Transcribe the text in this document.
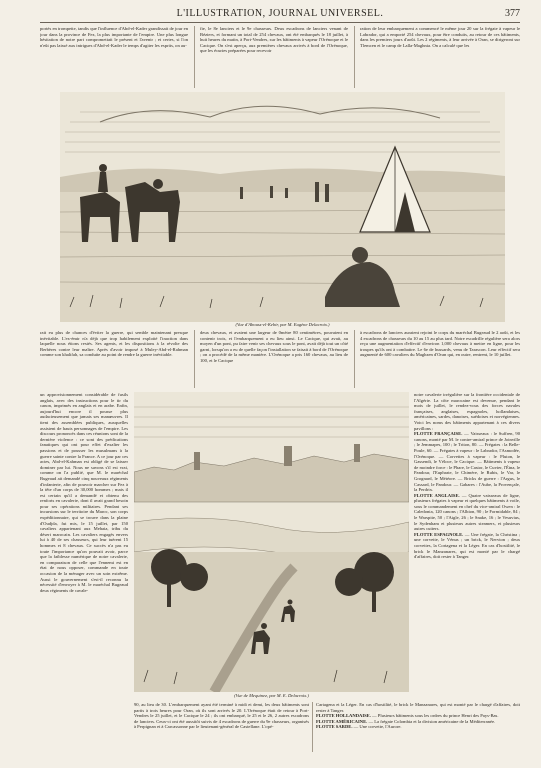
L'ILLUSTRATION, JOURNAL UNIVERSEL.	377
portés en trompette, tandis que l'influence d'Abd-el-Kader grandissait de jour en jour dans la province de Fez, la plus importante de l'empire. Une plus longue hésitation de notre part compromettait le présent et l'avenir ; et certes, si l'on n'eût pas laissé aux intrigues d'Abd-el-Kader le temps d'agiter les esprits, on au-
fie, le 8e lanciers et le 9e chasseurs. Deux escadrons de lanciers venant de Béziers, et formant un total de 254 chevaux, ont été embarqués le 18 juillet, à huit heures du matin, à Port-Vendres, sur les bâtiments à vapeur l'Orénoque et le Cacique. On s'est aperçu, aux premières chevaux arrivés à bord de l'Orénoque, que les écuries préparées pour recevoir
ration de leur embarquement a commencé le même jour 20 sur la frégate à vapeur le Labrador, qui a emporté 254 chevaux, pour être conduits, au retour de ces bâtiments, dans les premiers jours d'août. Les 2 régiments, à leur arrivée à Oran, se dirigeront sur Tlemcen et le camp de Lalla-Maghnia. On a calculé que les
(Vue d'Abouss-el-Kebir, par M. Eugène Delacroix.)
rait eu plus de chances d'éviter la guerre, qui semble maintenant presque inévitable. L'ex-émir n'a déjà que trop habilement exploité l'inaction dans laquelle nous étions restés. Ses agents, et les dispositions à la révolte des Berbères contre leur maître. Après d'avoir imposé à Muley-Abd-el-Rahman comme son khalifah, sa conduite au point de rendre la guerre inévitable.
deux chevaux, et avaient une largeur de 0mètre 80 centimètres, pouvaient en contenir trois, et l'embarquement a eu lieu ainsi. Le Cacique, qui avait, au moyen d'un pont, pu faire venir ses chevaux sous le pont, avait déjà tout un côté garni, lorsqu'on a eu de quelle façon l'installation se faisait à bord de l'Orénoque ; on a procédé de la même manière. L'Orénoque a pris 160 chevaux, au lieu de 100, et le Cacique
à escadrons de lanciers auraient rejoint le corps du maréchal Bugeaud le 2 août, et les 4 escadrons de chasseurs du 10 au 15 au plus tard. Notre escadrille régulière sera alors reçu une augmentation d'effectif d'environ 1,000 chevaux à mettre en ligne, pour les troupes qu'ils ont à combattre. Le 6e de hussards, venu de Tarascon. Leur effectif sera augmenté de 600 cavaliers du Maghzen d'Oran qui, en outre, rentrent, le 10 juillet.
un approvisionnement considérable de fusils anglais, avec des instructions pour le tir du canon, imprimés en anglais et en arabe. Enfin, aujourd'hui encore il pousse plus audacieusement que jamais ses manœuvres. Il tient des assemblées publiques, auxquelles assistent de hauts personnages de l'empire. Les discours prononcés dans ces réunions sont de la dernière violence : ce sont des prédications fanatiques qui ont pour effet d'exalter les passions et de pousser les musulmans à la guerre sainte contre la France. A ce jour par ces actes, Abd-el-Kahman est obligé de se laisser dominer par lui. Nous ne savons s'il est vrai, comme on l'a publié, que M. le maréchal Bugeaud ait demandé cinq nouveaux régiments d'infanterie, afin de pouvoir marcher sur Fez à la tête d'un corps de 30,000 hommes ; mais il est certain qu'il a demandé et obtenu des renforts en cavalerie, dont il avait grand besoin pour ses opérations militaires. Pendant ses incursions sur le territoire du Maroc, son corps expéditionnaire, qui se trouve dans la plaine d'Oudjda, fut mis, le 15 juillet, par 150 cavaliers appartenant aux Mehaia, tribu du désert marocain. Les cavaliers engagés envers lui à 40 de ses chasseurs, qui leur tuèrent 15 hommes et 8 chevaux. Ce succès n'a pas eu toute l'importance qu'on pouvait avoir, parce que la faiblesse numérique de notre cavalerie, en comparaison de celle que l'ennemi est en état de nous opposer, commande en toute occasion de la ménager avec un soin extrême. Aussi le gouvernement s'est-il reconnu la nécessité d'envoyer à M. le maréchal Bugeaud deux régiments de cavale-
(Vue de Mequinez, par M. E. Delacroix.)
notre cavalerie irrégulière sur la frontière occidentale de l'Algérie. La côte marocaine est devenue, pendant le mois de juillet, le rendez-vous des forces navales françaises, anglaises, espagnoles, hollandaises, américaines, sardes, danoises, suédoises et norvégiennes. Voici les noms des bâtiments appartenant à ces divers pavillons :
FLOTTE FRANÇAISE. — Vaisseaux : le Suffren, 90 canons, monté par M. le contre-amiral prince de Joinville ; le Jemmapes, 100 ; le Triton, 80. — Frégates : la Belle-Poule, 60. — Frégates à vapeur : le Labrador, l'Asmodée, l'Orénoque. — Corvettes à vapeur : le Pluton, le Gassendi, le Véloce, le Cacique. — Bâtiments à vapeur de moindre force : le Phare, le Castor, le Cuvier, l'Étna, le Pandour, l'Euphrate, le Chimère, le Rubis, le Var, le Grognard, le Météore. — Bricks de guerre : l'Argus, le Cassard, le Pandour. — Gabares : l'Aube, la Provençale, la Perdrix.
FLOTTE ANGLAISE. — Quatre vaisseaux de ligne, plusieurs frégates à vapeur et quelques bâtiments à voile, sous le commandement en chef du vice-amiral Owen : le Caledonia, 120 canons ; l'Albion, 90 ; le Formidable, 84 ; le Warspite, 50 ; l'Aigle, 26 ; le Snake, 16 ; le Vesuvius, le Sydenham et plusieurs autres steamers, et plusieurs autres cutters.
FLOTTE ESPAGNOLE. — Une frégate, la Christina ; une corvette, le Vénus ; un brick, le Nervion ; deux corvettes, la Cortagena et la Léger. En cas d'hostilité, le brick le Manzanares, qui est monté par le chargé d'affaires, doit rester à Tanger.
90, au lieu de 30. L'embarquement ayant été terminé à midi et demi, les deux bâtiments sont partis à trois heures pour Oran, où ils sont arrivés le 20. L'Orénoque était de retour à Port-Vendres le 25 juillet, et le Cacique le 24 ; ils ont embarqué, le 25 et le 26, 2 autres escadrons de lanciers. Ceux-ci ont été aussitôt suivis de 4 escadrons de guerre du 9e chasseurs, organisés à Perpignan et à Carcassonne par le lieutenant-général de Castellane. L'opé-
Cartagena et la Léger. En cas d'hostilité, le brick le Manzanares, qui est monté par le chargé d'affaires, doit rester à Tanger.
FLOTTE HOLLANDAISE. — Plusieurs bâtiments sous les ordres du prince Henri des Pays-Bas.
FLOTTE AMÉRICAINE. — La frégate Colombia et la division américaine de la Méditerranée.
FLOTTE SARDE. — Une corvette, l'Aurore.
